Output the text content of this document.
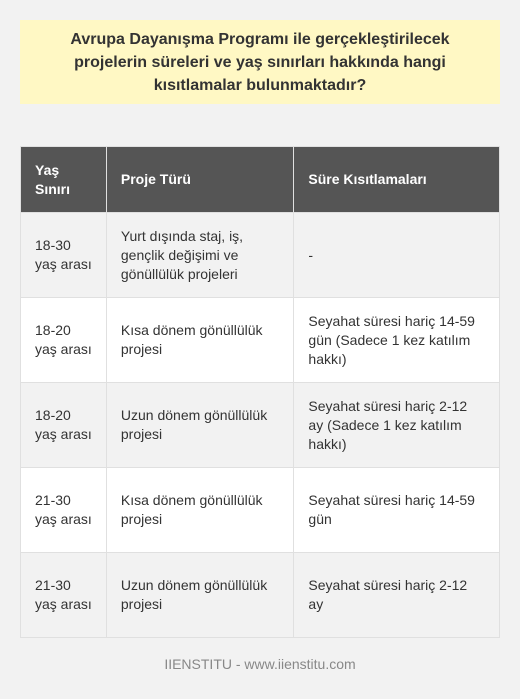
Avrupa Dayanışma Programı ile gerçekleştirilecek projelerin süreleri ve yaş sınırları hakkında hangi kısıtlamalar bulunmaktadır?
Yaş Sınırı	Proje Türü	Süre Kısıtlamaları
18-30 yaş arası	Yurt dışında staj, iş, gençlik değişimi ve gönüllülük projeleri	-
18-20 yaş arası	Kısa dönem gönüllülük projesi	Seyahat süresi hariç 14-59 gün (Sadece 1 kez katılım hakkı)
18-20 yaş arası	Uzun dönem gönüllülük projesi	Seyahat süresi hariç 2-12 ay (Sadece 1 kez katılım hakkı)
21-30 yaş arası	Kısa dönem gönüllülük projesi	Seyahat süresi hariç 14-59 gün
21-30 yaş arası	Uzun dönem gönüllülük projesi	Seyahat süresi hariç 2-12 ay
IIENSTITU - www.iienstitu.com
